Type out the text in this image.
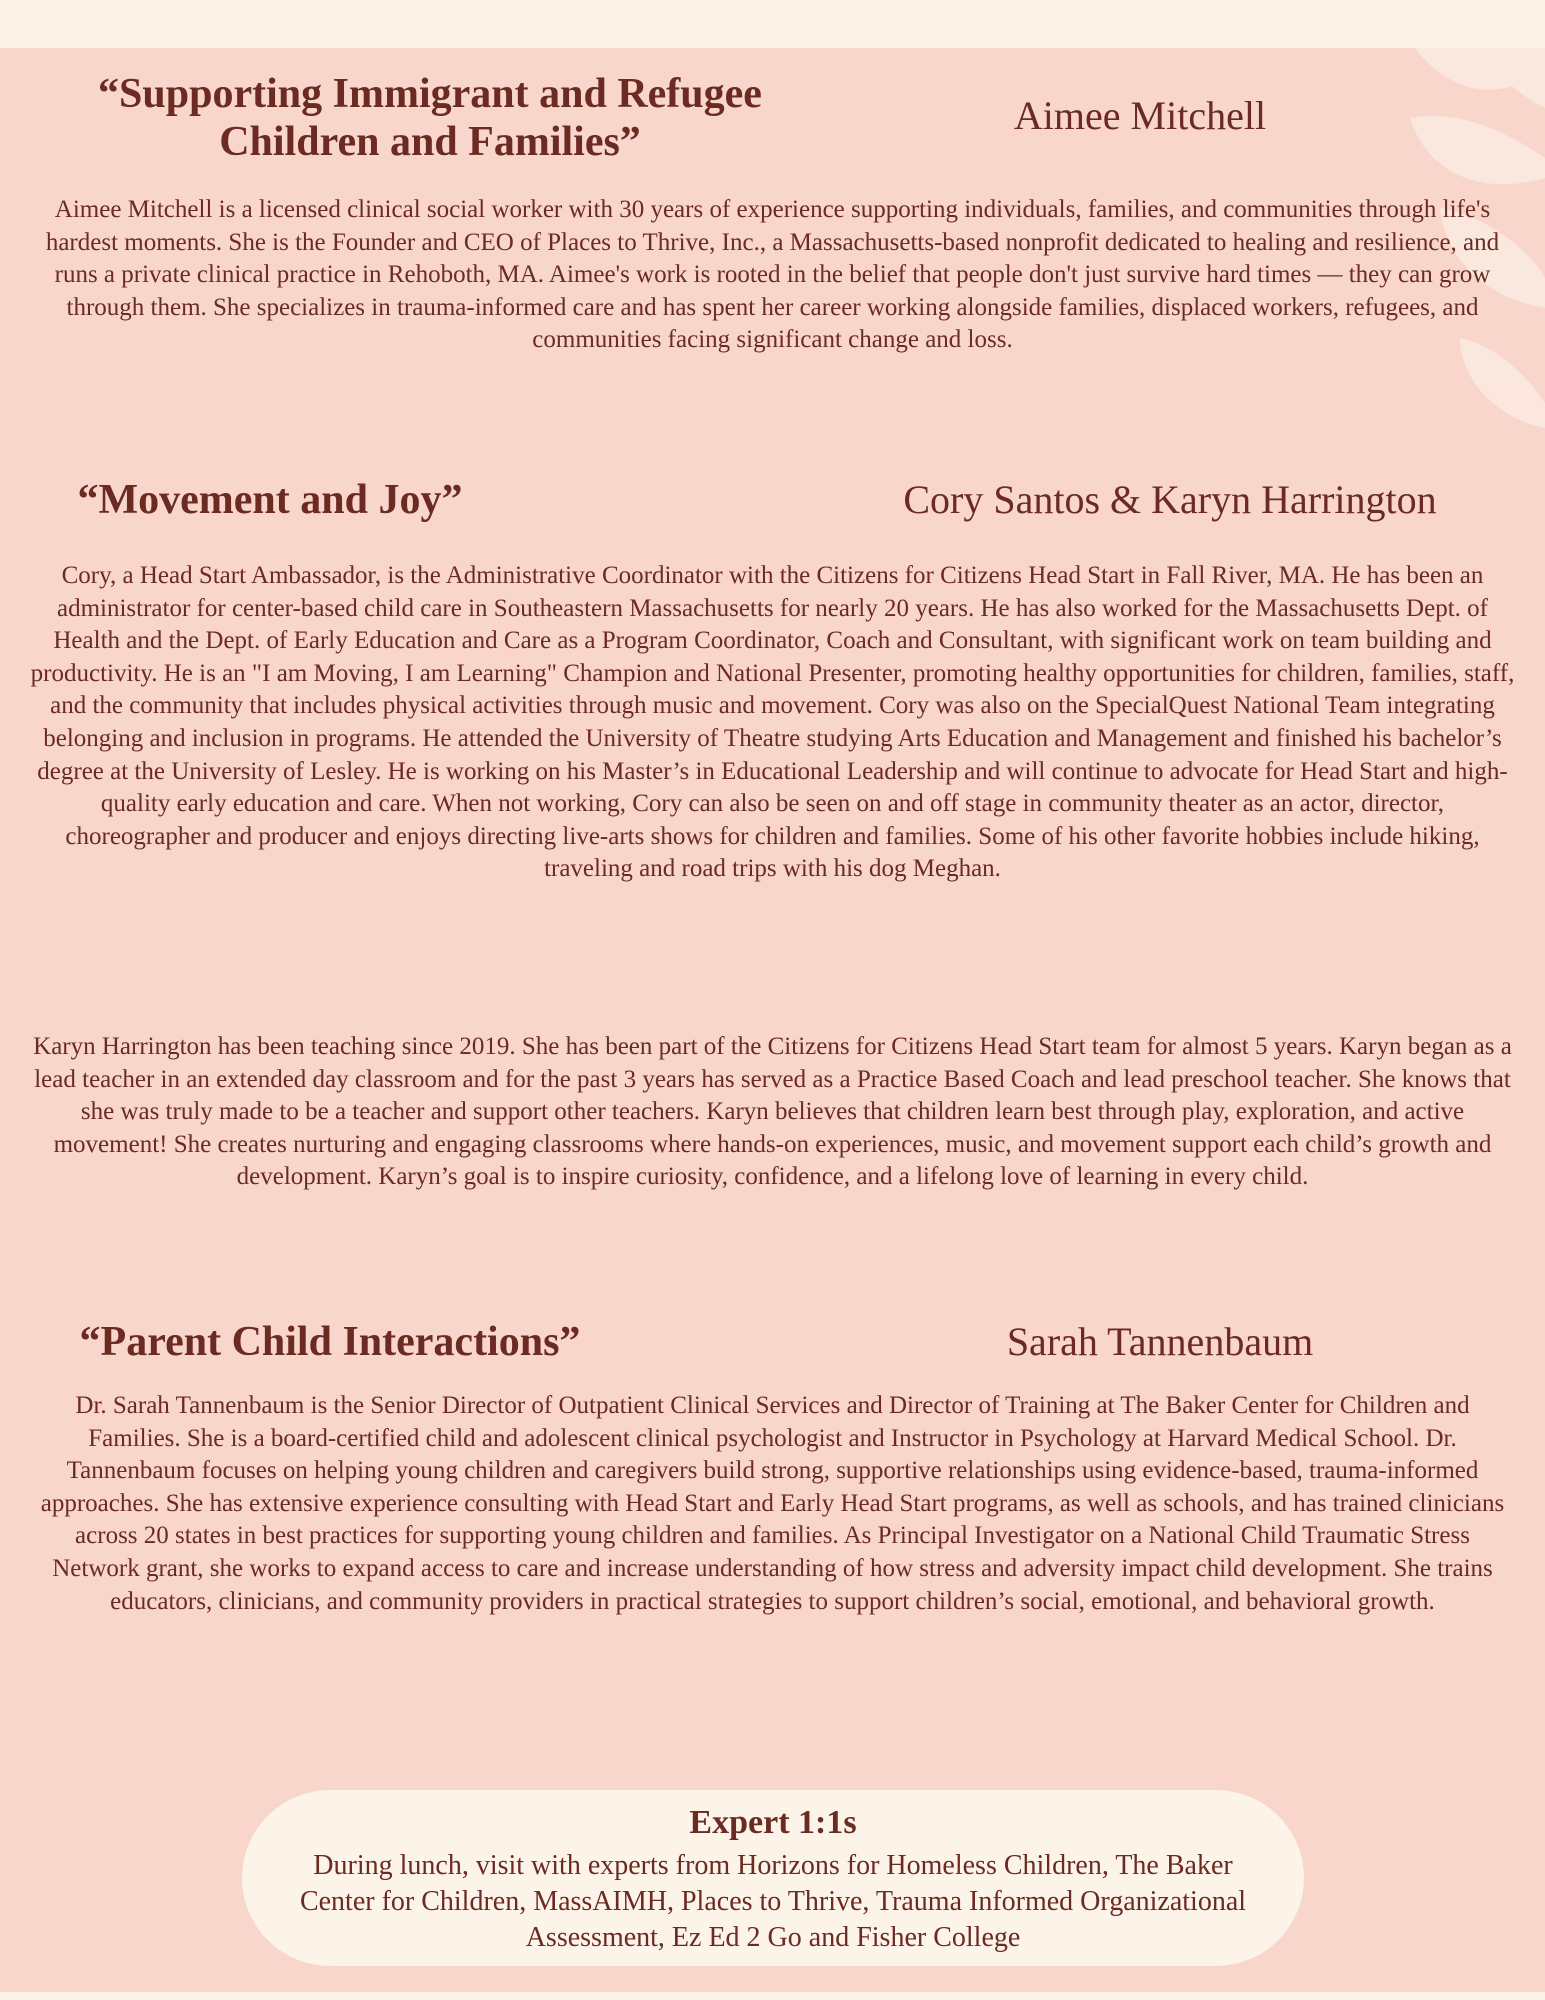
“Supporting Immigrant and Refugee Children and Families”
Aimee Mitchell

Aimee Mitchell is a licensed clinical social worker with 30 years of experience supporting individuals, families, and communities through life's hardest moments. She is the Founder and CEO of Places to Thrive, Inc., a Massachusetts-based nonprofit dedicated to healing and resilience, and runs a private clinical practice in Rehoboth, MA. Aimee's work is rooted in the belief that people don't just survive hard times — they can grow through them. She specializes in trauma-informed care and has spent her career working alongside families, displaced workers, refugees, and communities facing significant change and loss.

“Movement and Joy”	Cory Santos & Karyn Harrington

Cory, a Head Start Ambassador, is the Administrative Coordinator with the Citizens for Citizens Head Start in Fall River, MA. He has been an administrator for center-based child care in Southeastern Massachusetts for nearly 20 years. He has also worked for the Massachusetts Dept. of Health and the Dept. of Early Education and Care as a Program Coordinator, Coach and Consultant, with significant work on team building and productivity. He is an "I am Moving, I am Learning" Champion and National Presenter, promoting healthy opportunities for children, families, staff, and the community that includes physical activities through music and movement. Cory was also on the SpecialQuest National Team integrating belonging and inclusion in programs. He attended the University of Theatre studying Arts Education and Management and finished his bachelor’s degree at the University of Lesley. He is working on his Master’s in Educational Leadership and will continue to advocate for Head Start and high-quality early education and care. When not working, Cory can also be seen on and off stage in community theater as an actor, director, choreographer and producer and enjoys directing live-arts shows for children and families. Some of his other favorite hobbies include hiking, traveling and road trips with his dog Meghan.

Karyn Harrington has been teaching since 2019. She has been part of the Citizens for Citizens Head Start team for almost 5 years. Karyn began as a lead teacher in an extended day classroom and for the past 3 years has served as a Practice Based Coach and lead preschool teacher. She knows that she was truly made to be a teacher and support other teachers. Karyn believes that children learn best through play, exploration, and active movement! She creates nurturing and engaging classrooms where hands-on experiences, music, and movement support each child’s growth and development. Karyn’s goal is to inspire curiosity, confidence, and a lifelong love of learning in every child.

“Parent Child Interactions”	Sarah Tannenbaum

Dr. Sarah Tannenbaum is the Senior Director of Outpatient Clinical Services and Director of Training at The Baker Center for Children and Families. She is a board-certified child and adolescent clinical psychologist and Instructor in Psychology at Harvard Medical School. Dr. Tannenbaum focuses on helping young children and caregivers build strong, supportive relationships using evidence-based, trauma-informed approaches. She has extensive experience consulting with Head Start and Early Head Start programs, as well as schools, and has trained clinicians across 20 states in best practices for supporting young children and families. As Principal Investigator on a National Child Traumatic Stress Network grant, she works to expand access to care and increase understanding of how stress and adversity impact child development. She trains educators, clinicians, and community providers in practical strategies to support children’s social, emotional, and behavioral growth.

Expert 1:1s

During lunch, visit with experts from Horizons for Homeless Children, The Baker Center for Children, MassAIMH, Places to Thrive, Trauma Informed Organizational Assessment, Ez Ed 2 Go and Fisher College
